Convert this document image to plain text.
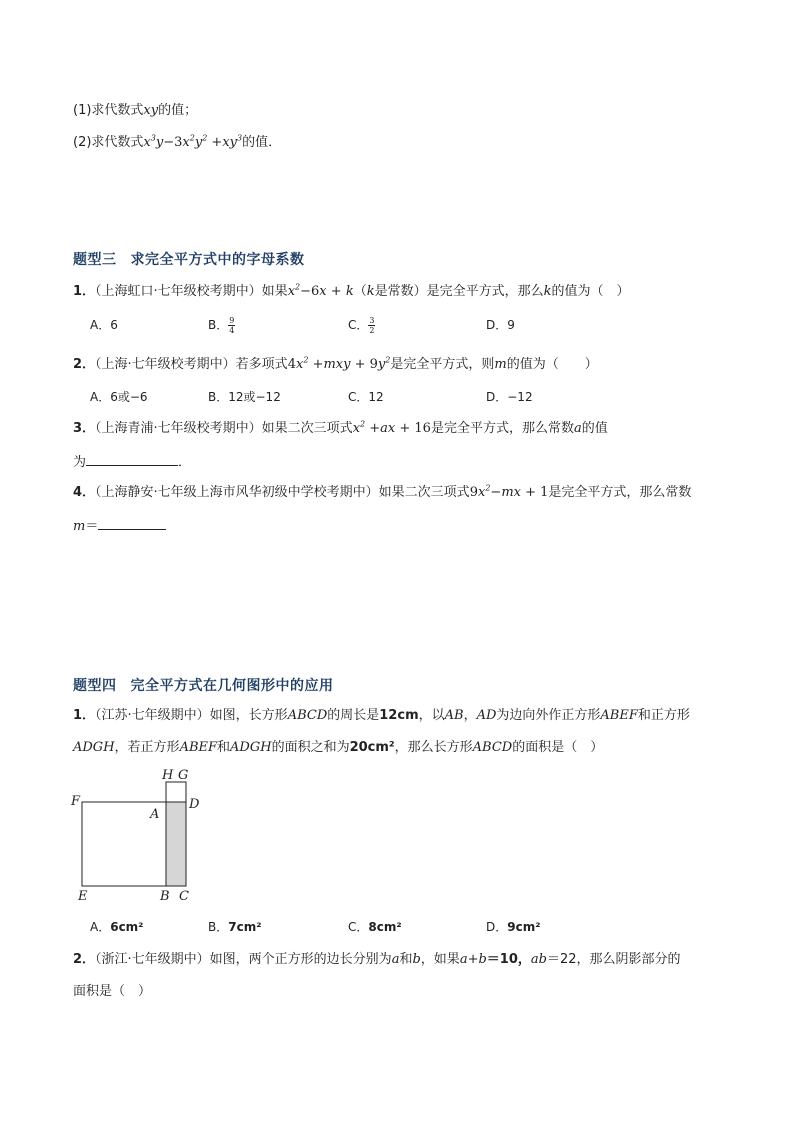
(1)求代数式xy的值；
(2)求代数式$x^3y-3x^2y^2 +xy^3$的值．
题型三 求完全平方式中的字母系数
1．（上海虹口·七年级校考期中）如果$x^2-6x + k(k$是常数）是完全平方式，那么k的值为（　）
A．6	B． $\frac{9}{4}$	C． $\frac{3}{2}$	D．9
2．（上海·七年级校考期中）若多项式$4x^2 +mxy + 9y^2$是完全平方式，则m的值为（　　）
A．6或−6	B．12或−12	C．12	D．−12
3．（上海青浦·七年级校考期中）如果二次三项式$x^2 +ax + 16$是完全平方式，那么常数a的值
为	．
4．（上海静安·七年级上海市风华初级中学校考期中）如果二次三项式$9x^2-mx + 1$是完全平方式，那么常数
m＝
题型四 完全平方式在几何图形中的应用
1．（江苏·七年级期中）如图，长方形ABCD的周长是12cm，以AB，AD为边向外作正方形ABEF和正方形
ADGH，若正方形ABEF和ADGH的面积之和为20cm²，那么长方形ABCD的面积是（　）
H G
F
A
D
E	B C
A．6cm²	B．7cm²	C．8cm²	D．9cm²
2．（浙江·七年级期中）如图，两个正方形的边长分别为a和b，如果a+b＝10，ab＝22，那么阴影部分的
面积是（　）
